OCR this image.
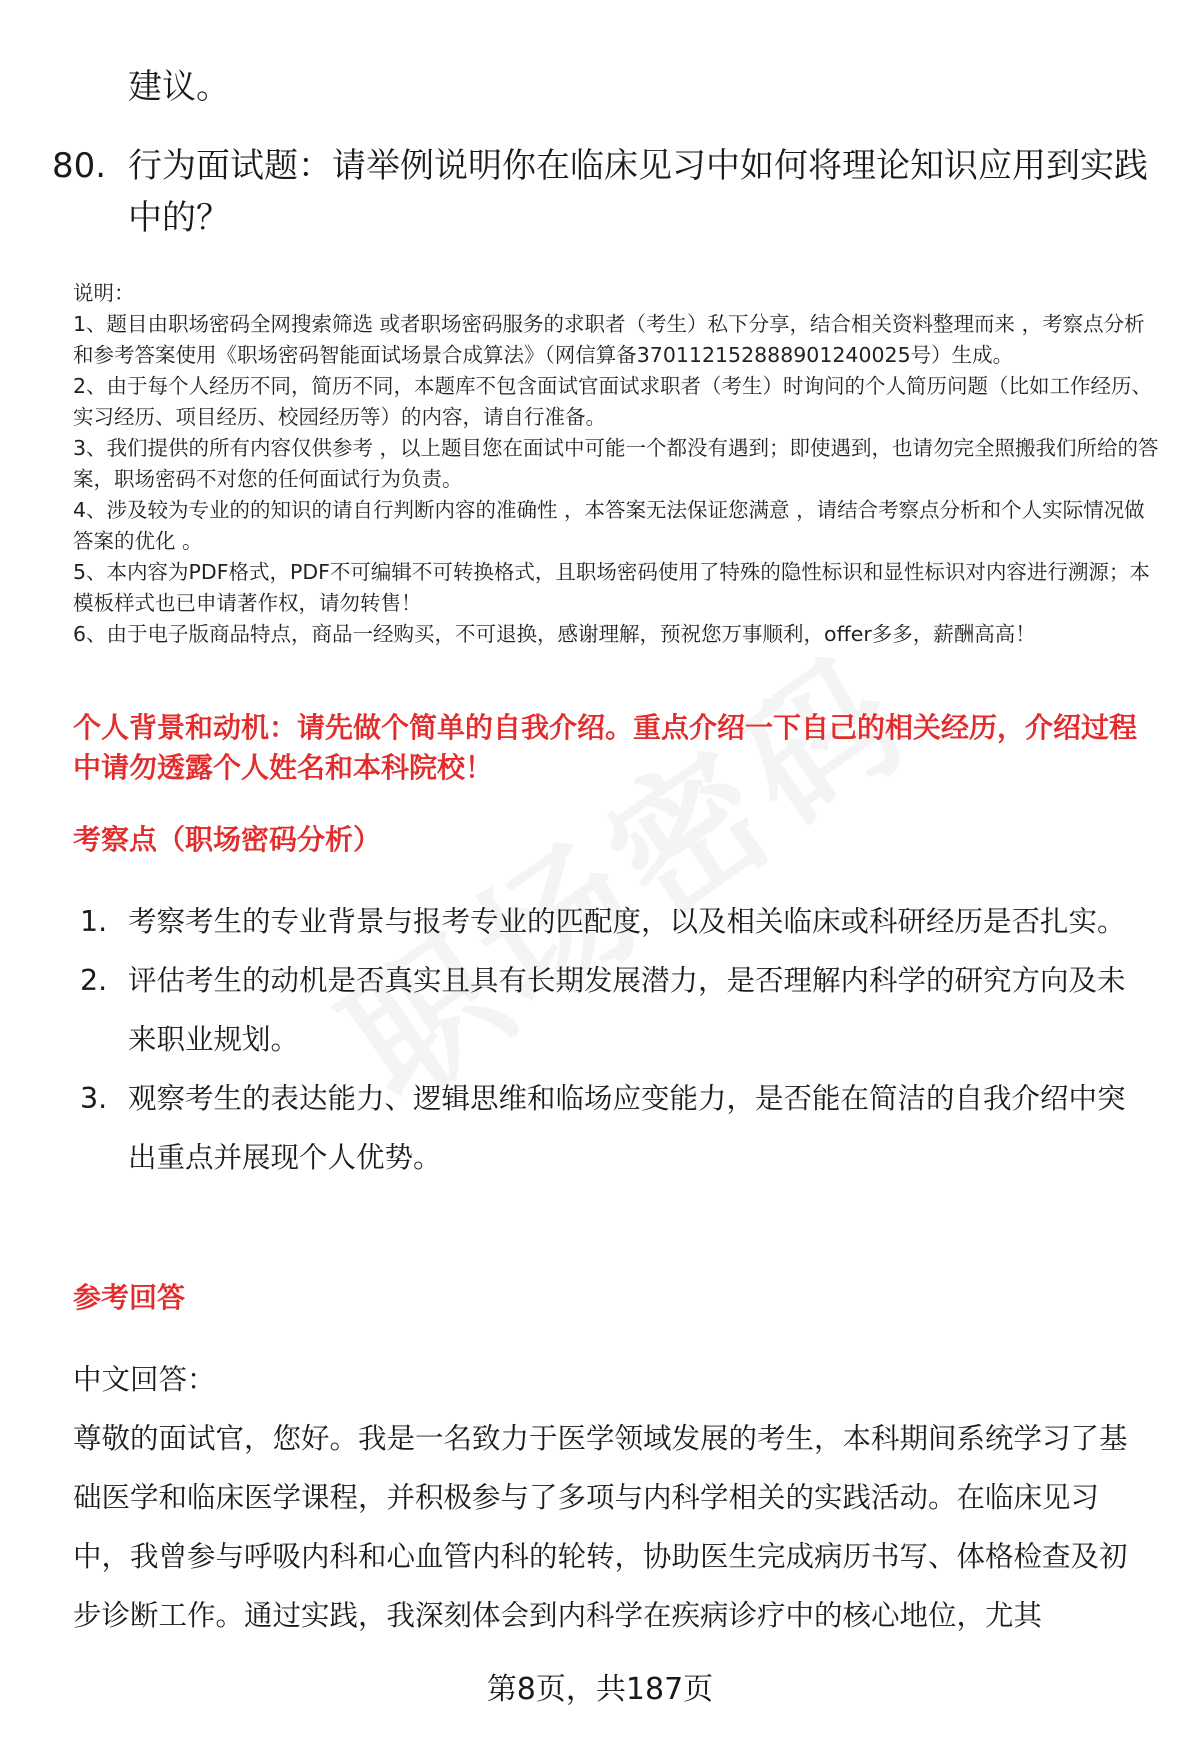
建议。
80. 行为面试题：请举例说明你在临床见习中如何将理论知识应用到实践中的？

说明：

1、题目由职场密码全网搜索筛选 或者职场密码服务的求职者（考生）私下分享，结合相关资料整理而来 ，考察点分析和参考答案使用《职场密码智能面试场景合成算法》（网信算备370112152888901240025号）生成。

2、由于每个人经历不同，简历不同，本题库不包含面试官面试求职者（考生）时询问的个人简历问题（比如工作经历、实习经历、项目经历、校园经历等）的内容，请自行准备。

3、我们提供的所有内容仅供参考 ，以上题目您在面试中可能一个都没有遇到；即使遇到，也请勿完全照搬我们所给的答案，职场密码不对您的任何面试行为负责。

4、涉及较为专业的的知识的请自行判断内容的准确性 ，本答案无法保证您满意 ，请结合考察点分析和个人实际情况做答案的优化 。

5、本内容为PDF格式，PDF不可编辑不可转换格式，且职场密码使用了特殊的隐性标识和显性标识对内容进行溯源；本模板样式也已申请著作权，请勿转售！

6、由于电子版商品特点，商品一经购买，不可退换，感谢理解，预祝您万事顺利，offer多多，薪酬高高！

个人背景和动机：请先做个简单的自我介绍。重点介绍一下自己的相关经历，介绍过程中请勿透露个人姓名和本科院校！
考察点（职场密码分析）
1. 考察考生的专业背景与报考专业的匹配度，以及相关临床或科研经历是否扎实。
2. 评估考生的动机是否真实且具有长期发展潜力，是否理解内科学的研究方向及未来职业规划。
3. 观察考生的表达能力、逻辑思维和临场应变能力，是否能在简洁的自我介绍中突出重点并展现个人优势。
参考回答

中文回答：

尊敬的面试官，您好。我是一名致力于医学领域发展的考生，本科期间系统学习了基础医学和临床医学课程，并积极参与了多项与内科学相关的实践活动。在临床见习中，我曾参与呼吸内科和心血管内科的轮转，协助医生完成病历书写、体格检查及初步诊断工作。通过实践，我深刻体会到内科学在疾病诊疗中的核心地位，尤其

第8页，共187页
